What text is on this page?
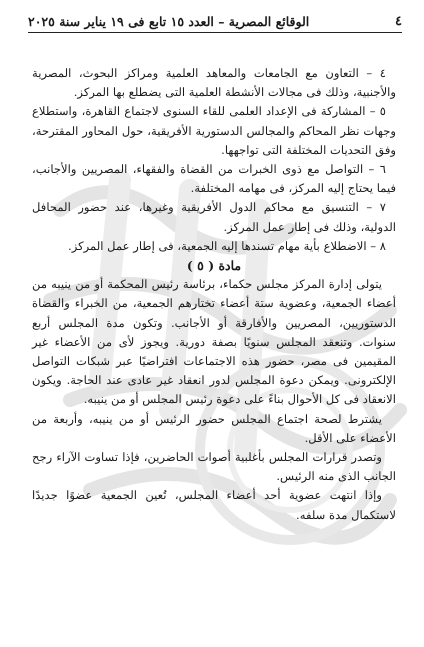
٤
الوقائع المصرية – العدد ١٥ تابع فى ١٩ يناير سنة ٢٠٢٥

٤ – التعاون مع الجامعات والمعاهد العلمية ومراكز البحوث، المصرية والأجنبية، وذلك فى مجالات الأنشطة العلمية التى يضطلع بها المركز.

٥ – المشاركة فى الإعداد العلمى للقاء السنوى لاجتماع القاهرة، واستطلاع وجهات نظر المحاكم والمجالس الدستورية الأفريقية، حول المحاور المقترحة، وفق التحديات المختلفة التى تواجهها.

٦ – التواصل مع ذوى الخبرات من القضاة والفقهاء، المصريين والأجانب، فيما يحتاج إليه المركز، فى مهامه المختلفة.

٧ – التنسيق مع محاكم الدول الأفريقية وغيرها، عند حضور المحافل الدولية، وذلك فى إطار عمل المركز.

٨ – الاضطلاع بأية مهام تسندها إليه الجمعية، فى إطار عمل المركز.

مادة ( ٥ )

يتولى إدارة المركز مجلس حكماء، برئاسة رئيس المحكمة أو من ينيبه من أعضاء الجمعية، وعضوية ستة أعضاء تختارهم الجمعية، من الخبراء والقضاة الدستوريين، المصريين والأفارقة أو الأجانب. وتكون مدة المجلس أربع سنوات. وتنعقد المجلس سنويًا بصفة دورية. ويجوز لأى من الأعضاء غير المقيمين فى مصر، حضور هذه الاجتماعات افتراضيًا عبر شبكات التواصل الإلكترونى. ويمكن دعوة المجلس لدور انعقاد غير عادى عند الحاجة. ويكون الانعقاد فى كل الأحوال بناءً على دعوة رئيس المجلس أو من ينيبه.

يشترط لصحة اجتماع المجلس حضور الرئيس أو من ينيبه، وأربعة من الأعضاء على الأقل.

وتصدر قرارات المجلس بأغلبية أصوات الحاضرين، فإذا تساوت الآراء رجح الجانب الذى منه الرئيس.

وإذا انتهت عضوية أحد أعضاء المجلس، تُعين الجمعية عضوًا جديدًا لاستكمال مدة سلفه.
